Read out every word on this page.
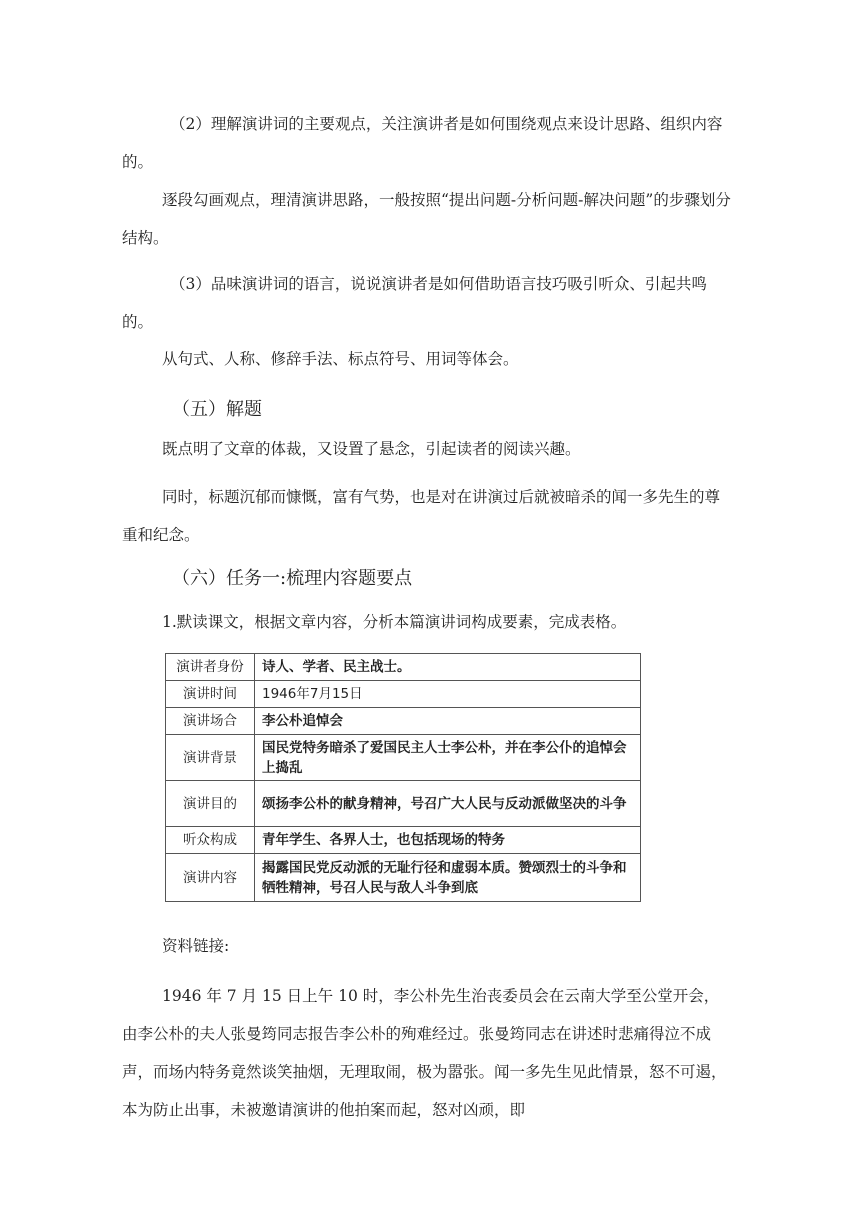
（2）理解演讲词的主要观点，关注演讲者是如何围绕观点来设计思路、组织内容的。

逐段勾画观点，理清演讲思路，一般按照“提出问题-分析问题-解决问题”的步骤划分结构。

（3）品味演讲词的语言，说说演讲者是如何借助语言技巧吸引听众、引起共鸣的。

从句式、人称、修辞手法、标点符号、用词等体会。

（五）解题

既点明了文章的体裁，又设置了悬念，引起读者的阅读兴趣。

同时，标题沉郁而慷慨，富有气势，也是对在讲演过后就被暗杀的闻一多先生的尊重和纪念。

（六）任务一:梳理内容题要点

1.默读课文，根据文章内容，分析本篇演讲词构成要素，完成表格。

演讲者身份	诗人、学者、民主战士。
演讲时间	1946年7月15日
演讲场合	李公朴追悼会
演讲背景	国民党特务暗杀了爱国民主人士李公朴，并在李公仆的追悼会上捣乱
演讲目的	颂扬李公朴的献身精神，号召广大人民与反动派做坚决的斗争
听众构成	青年学生、各界人士，也包括现场的特务
演讲内容	揭露国民党反动派的无耻行径和虚弱本质。赞颂烈士的斗争和牺牲精神，号召人民与敌人斗争到底

资料链接:

1946 年 7 月 15 日上午 10 时，李公朴先生治丧委员会在云南大学至公堂开会，由李公朴的夫人张曼筠同志报告李公朴的殉难经过。张曼筠同志在讲述时悲痛得泣不成声，而场内特务竟然谈笑抽烟，无理取闹，极为嚣张。闻一多先生见此情景，怒不可遏，本为防止出事，未被邀请演讲的他拍案而起，怒对凶顽，即
